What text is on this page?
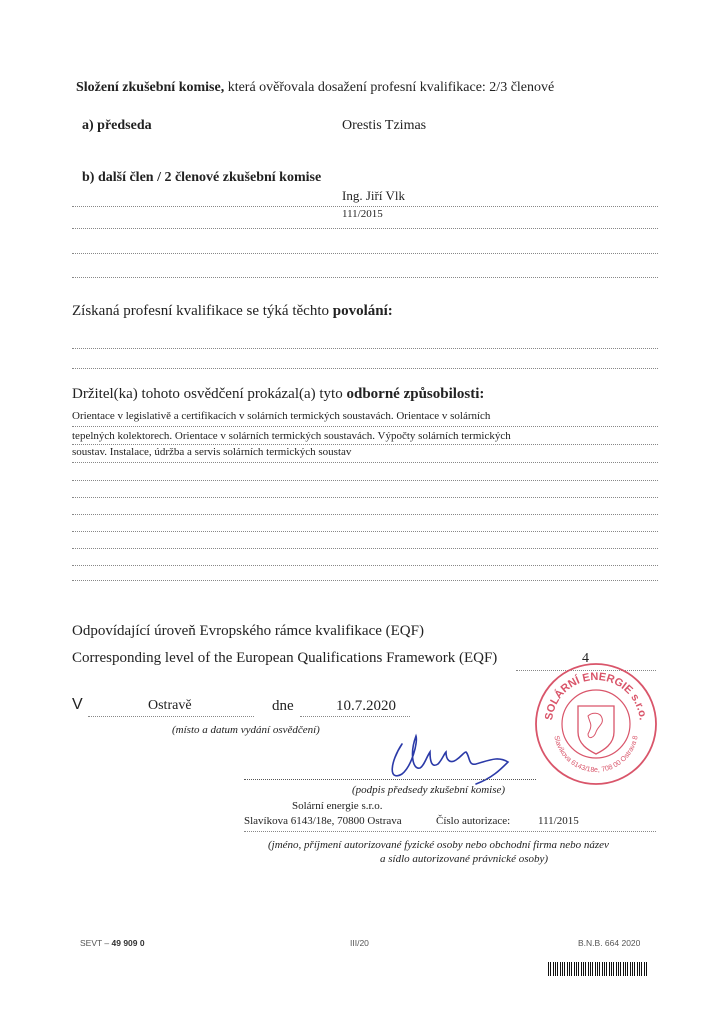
Složení zkušební komise, která ověřovala dosažení profesní kvalifikace: 2/3 členové
a) předseda	Orestis Tzimas
b) další člen / 2 členové zkušební komise
Ing. Jiří Vlk
111/2015
Získaná profesní kvalifikace se týká těchto povolání:
Držitel(ka) tohoto osvědčení prokázal(a) tyto odborné způsobilosti:
Orientace v legislativě a certifikacích v solárních termických soustavách. Orientace v solárních
tepelných kolektorech. Orientace v solárních termických soustavách. Výpočty solárních termických
soustav. Instalace, údržba a servis solárních termických soustav
Odpovídající úroveň Evropského rámce kvalifikace (EQF)
Corresponding level of the European Qualifications Framework (EQF)	4
V	Ostravě	dne	10.7.2020
(místo a datum vydání osvědčení)
(podpis předsedy zkušební komise)
Solární energie s.r.o.
Slavíkova 6143/18e, 70800 Ostrava	Číslo autorizace:	111/2015
(jméno, příjmení autorizované fyzické osoby nebo obchodní firma nebo název
a sídlo autorizované právnické osoby)
SOLÁRNÍ ENERGIE s.r.o.
Slavíkova 6143/18e, 708 00 Ostrava 8
SEVT – 49 909 0	III/20	B.N.B. 664 2020
